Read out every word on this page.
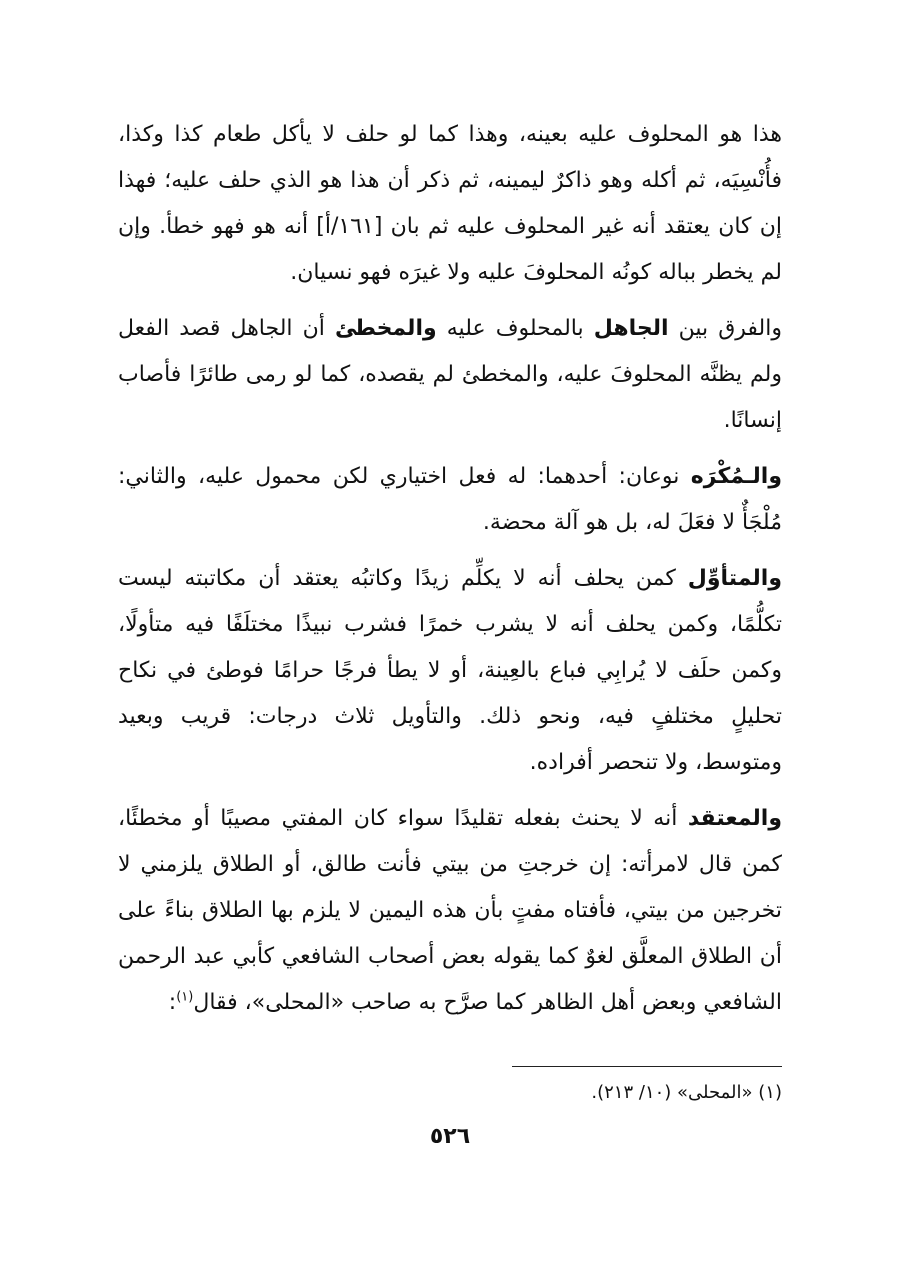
هذا هو المحلوف عليه بعينه، وهذا كما لو حلف لا يأكل طعام كذا وكذا، فأُنْسِيَه، ثم أكله وهو ذاكرٌ ليمينه، ثم ذكر أن هذا هو الذي حلف عليه؛ فهذا إن كان يعتقد أنه غير المحلوف عليه ثم بان [١٦١/أ] أنه هو فهو خطأ. وإن لم يخطر بباله كونُه المحلوفَ عليه ولا غيرَه فهو نسيان.

والفرق بين الجاهل بالمحلوف عليه والمخطئ أن الجاهل قصد الفعل ولم يظنَّه المحلوفَ عليه، والمخطئ لم يقصده، كما لو رمى طائرًا فأصاب إنسانًا.

والـمُكْرَه نوعان: أحدهما: له فعل اختياري لكن محمول عليه، والثاني: مُلْجَأٌ لا فعَلَ له، بل هو آلة محضة.

والمتأوِّل كمن يحلف أنه لا يكلِّم زيدًا وكاتبُه يعتقد أن مكاتبته ليست تكلُّمًا، وكمن يحلف أنه لا يشرب خمرًا فشرب نبيذًا مختلَفًا فيه متأولًا، وكمن حلَف لا يُرابِي فباع بالعِينة، أو لا يطأ فرجًا حرامًا فوطئ في نكاح تحليلٍ مختلفٍ فيه، ونحو ذلك. والتأويل ثلاث درجات: قريب وبعيد ومتوسط، ولا تنحصر أفراده.

والمعتقد أنه لا يحنث بفعله تقليدًا سواء كان المفتي مصيبًا أو مخطئًا، كمن قال لامرأته: إن خرجتِ من بيتي فأنت طالق، أو الطلاق يلزمني لا تخرجين من بيتي، فأفتاه مفتٍ بأن هذه اليمين لا يلزم بها الطلاق بناءً على أن الطلاق المعلَّق لغوٌ كما يقوله بعض أصحاب الشافعي كأبي عبد الرحمن الشافعي وبعض أهل الظاهر كما صرَّح به صاحب «المحلى»، فقال$^{(١)}$:

(١) «المحلى» (١٠/ ٢١٣).
٥٢٦
